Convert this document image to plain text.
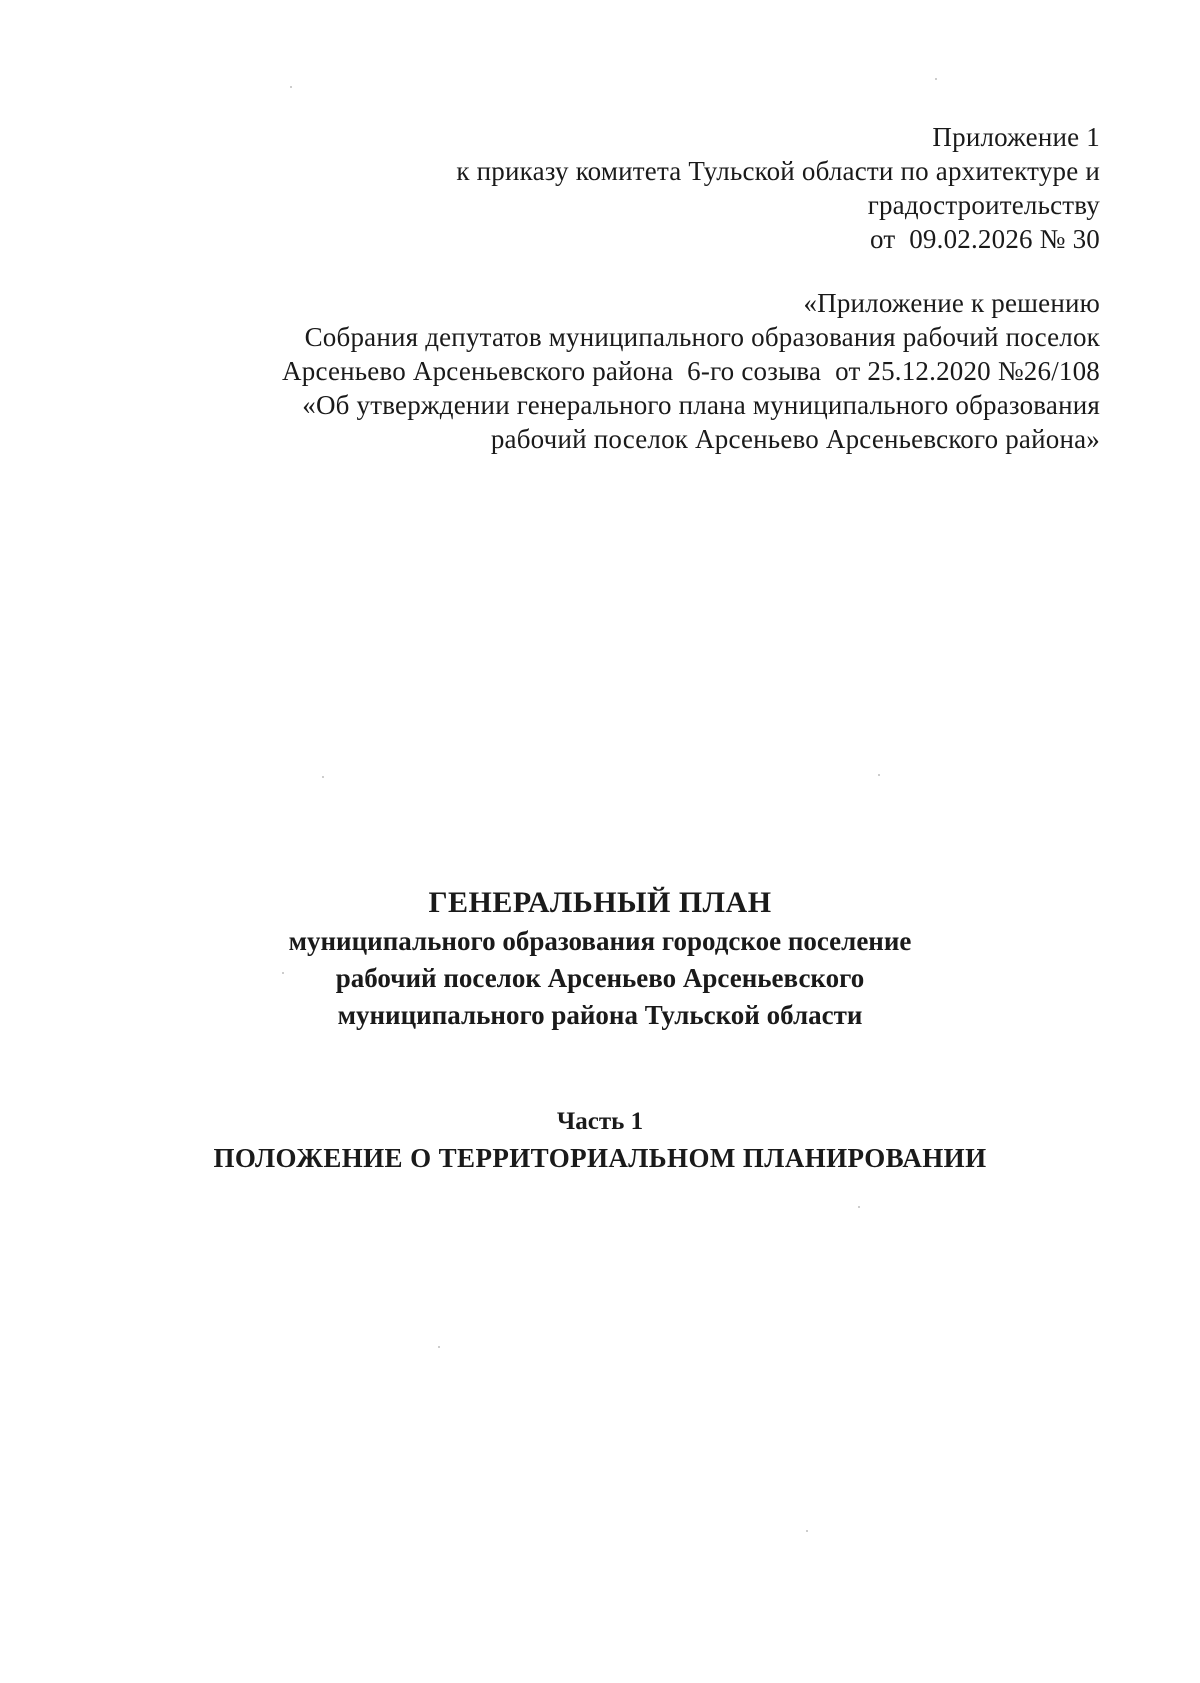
Приложение 1
к приказу комитета Тульской области по архитектуре и
градостроительству
от  09.02.2026 № 30
«Приложение к решению
Собрания депутатов муниципального образования рабочий поселок
Арсеньево Арсеньевского района  6-го созыва  от 25.12.2020 №26/108
«Об утверждении генерального плана муниципального образования
рабочий поселок Арсеньево Арсеньевского района»
ГЕНЕРАЛЬНЫЙ ПЛАН
муниципального образования городское поселение
рабочий поселок Арсеньево Арсеньевского
муниципального района Тульской области
Часть 1
ПОЛОЖЕНИЕ О ТЕРРИТОРИАЛЬНОМ ПЛАНИРОВАНИИ
